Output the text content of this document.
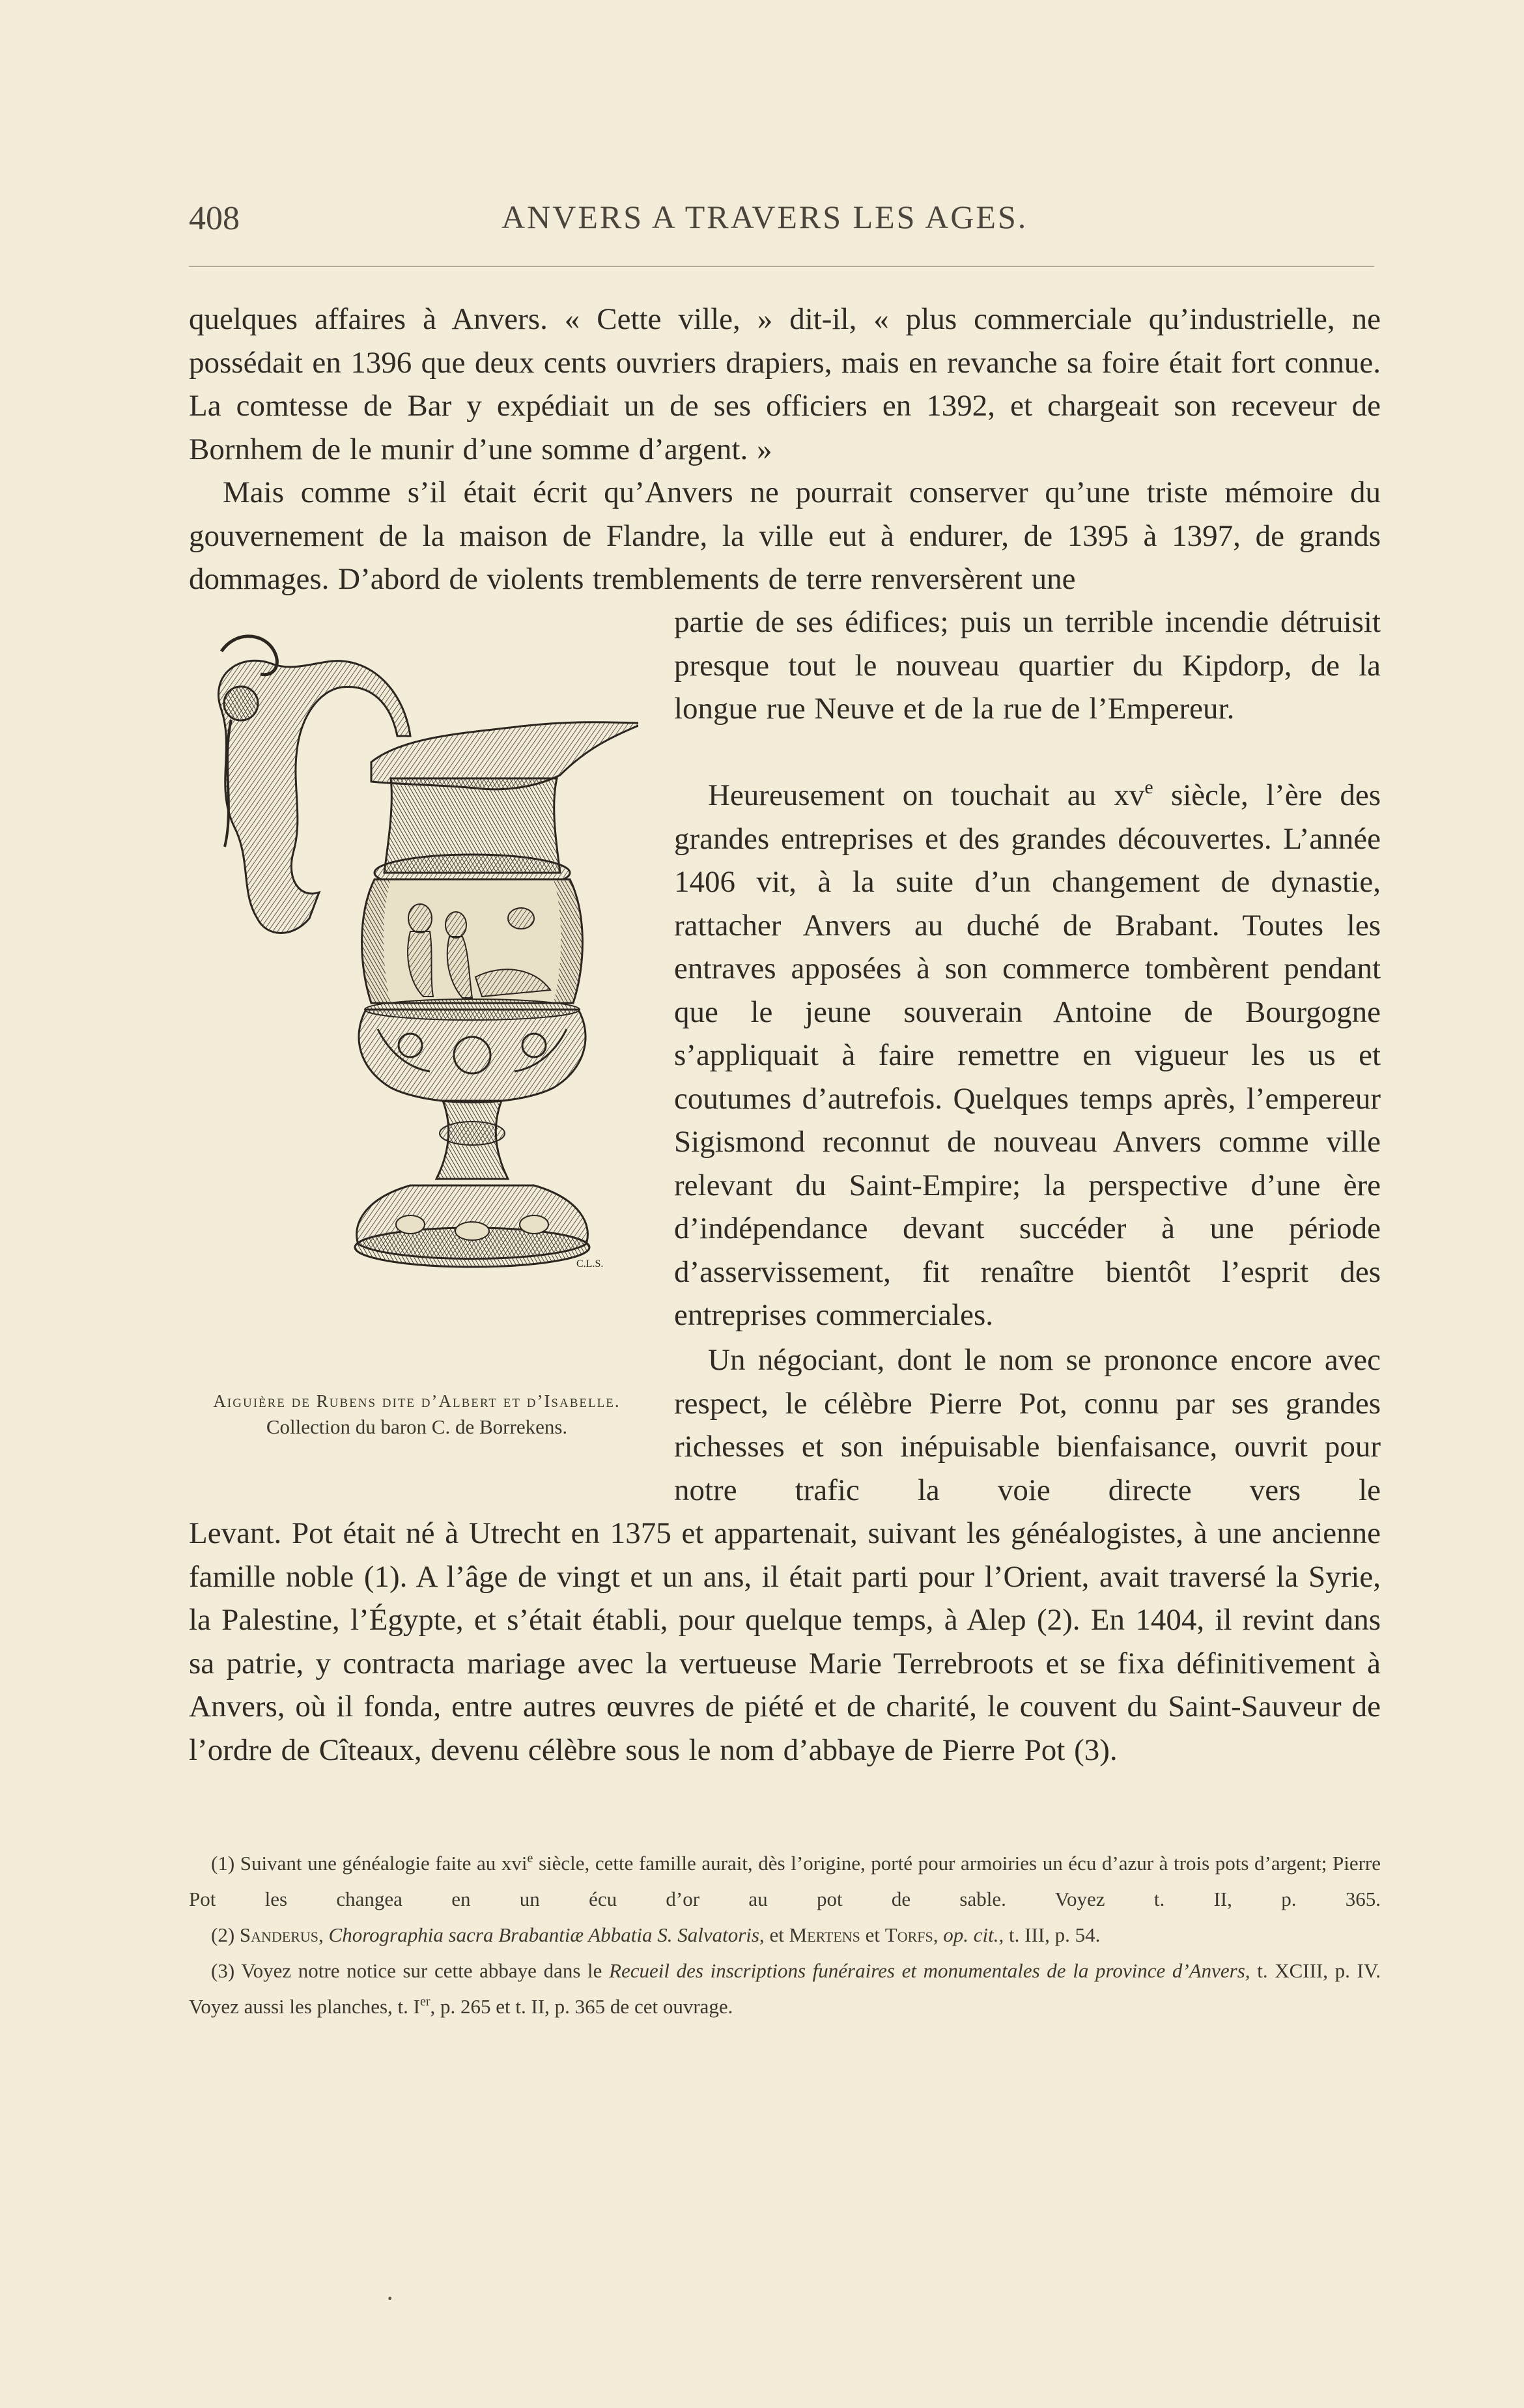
408	ANVERS A TRAVERS LES AGES.

quelques affaires à Anvers. « Cette ville, » dit-il, « plus commerciale qu’industrielle, ne possédait en 1396 que deux cents ouvriers drapiers, mais en revanche sa foire était fort connue. La comtesse de Bar y expédiait un de ses officiers en 1392, et chargeait son receveur de Bornhem de le munir d’une somme d’argent. »

Mais comme s’il était écrit qu’Anvers ne pourrait conserver qu’une triste mémoire du gouvernement de la maison de Flandre, la ville eut à endurer, de 1395 à 1397, de grands dommages. D’abord de violents tremblements de terre renversèrent une

partie de ses édifices; puis un terrible incendie détruisit presque tout le nouveau quartier du Kipdorp, de la longue rue Neuve et de la rue de l’Empereur.

Heureusement on touchait au $xv^e$ siècle, l’ère des grandes entreprises et des grandes découvertes. L’année 1406 vit, à la suite d’un changement de dynastie, rattacher Anvers au duché de Brabant. Toutes les entraves apposées à son commerce tombèrent pendant que le jeune souverain Antoine de Bourgogne s’appliquait à faire remettre en vigueur les us et coutumes d’autrefois. Quelques temps après, l’empereur Sigismond reconnut de nouveau Anvers comme ville relevant du Saint-Empire; la perspective d’une ère d’indépendance devant succéder à une période d’asservissement, fit renaître bientôt l’esprit des entreprises commerciales.

Un négociant, dont le nom se prononce encore avec respect, le célèbre Pierre Pot, connu par ses grandes richesses et son inépuisable bienfaisance, ouvrit pour notre trafic la voie directe vers le

Levant. Pot était né à Utrecht en 1375 et appartenait, suivant les généalogistes, à une ancienne famille noble (1). A l’âge de vingt et un ans, il était parti pour l’Orient, avait traversé la Syrie, la Palestine, l’Égypte, et s’était établi, pour quelque temps, à Alep (2). En 1404, il revint dans sa patrie, y contracta mariage avec la vertueuse Marie Terrebroots et se fixa définitivement à Anvers, où il fonda, entre autres œuvres de piété et de charité, le couvent du Saint-Sauveur de l’ordre de Cîteaux, devenu célèbre sous le nom d’abbaye de Pierre Pot (3).

C.L.S.
Aiguière de Rubens dite d’Albert et d’Isabelle.
Collection du baron C. de Borrekens.

(1) Suivant une généalogie faite au xvi$^e$ siècle, cette famille aurait, dès l’origine, porté pour armoiries un écu d’azur à trois pots d’argent; Pierre Pot les changea en un écu d’or au pot de sable. Voyez t. II, p. 365.

(2) Sanderus, Chorographia sacra Brabantiæ Abbatia S. Salvatoris, et Mertens et Torfs, op. cit., t. III, p. 54.

(3) Voyez notre notice sur cette abbaye dans le Recueil des inscriptions funéraires et monumentales de la province d’Anvers, t. XCIII, p. IV. Voyez aussi les planches, t. Ier, p. 265 et t. II, p. 365 de cet ouvrage.

·
